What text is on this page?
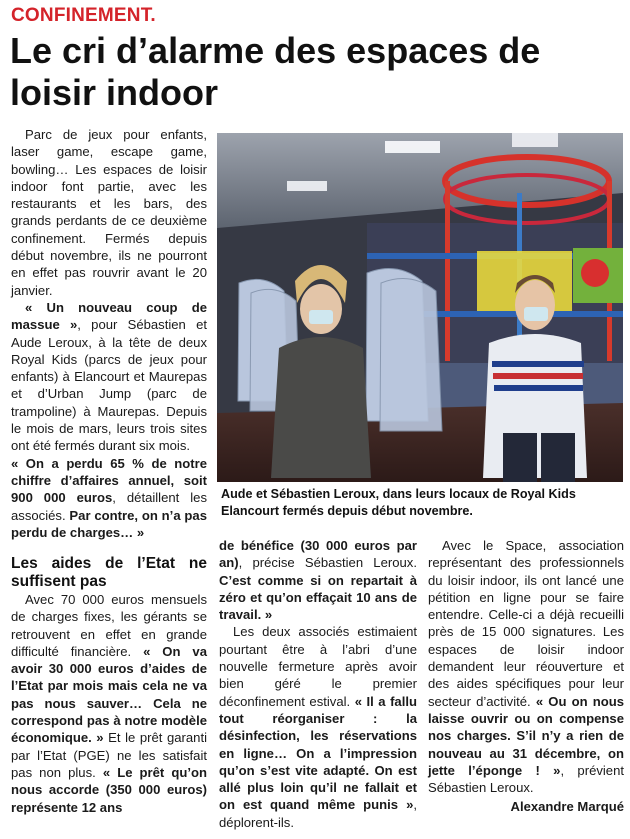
CONFINEMENT.
Le cri d’alarme des espaces de loisir indoor

Parc de jeux pour enfants, laser game, escape game, bowling… Les espaces de loisir indoor font partie, avec les restaurants et les bars, des grands perdants de ce deuxième confinement. Fermés depuis début novembre, ils ne pourront en effet pas rouvrir avant le 20 janvier.

« Un nouveau coup de massue », pour Sébastien et Aude Leroux, à la tête de deux Royal Kids (parcs de jeux pour enfants) à Elancourt et Maurepas et d’Urban Jump (parc de trampoline) à Maurepas. Depuis le mois de mars, leurs trois sites ont été fermés durant six mois.

« On a perdu 65 % de notre chiffre d’affaires annuel, soit 900 000 euros, détaillent les associés. Par contre, on n’a pas perdu de charges… »

Les aides de l’Etat ne suffisent pas

Avec 70 000 euros mensuels de charges fixes, les gérants se retrouvent en effet en grande difficulté financière. « On va avoir 30 000 euros d’aides de l’Etat par mois mais cela ne va pas nous sauver… Cela ne correspond pas à notre modèle économique. » Et le prêt garanti par l’Etat (PGE) ne les satisfait pas non plus. « Le prêt qu’on nous accorde (350 000 euros) représente 12 ans

Aude et Sébastien Leroux, dans leurs locaux de Royal Kids Elancourt fermés depuis début novembre.

de bénéfice (30 000 euros par an), précise Sébastien Leroux. C’est comme si on repartait à zéro et qu’on effaçait 10 ans de travail. »

Les deux associés estimaient pourtant être à l’abri d’une nouvelle fermeture après avoir bien géré le premier déconfinement estival. « Il a fallu tout réorganiser : la désinfection, les réservations en ligne… On a l’impression qu’on s’est vite adapté. On est allé plus loin qu’il ne fallait et on est quand même punis », déplorent-ils.

Avec le Space, association représentant des professionnels du loisir indoor, ils ont lancé une pétition en ligne pour se faire entendre. Celle-ci a déjà recueilli près de 15 000 signatures. Les espaces de loisir indoor demandent leur réouverture et des aides spécifiques pour leur secteur d’activité. « Ou on nous laisse ouvrir ou on compense nos charges. S’il n’y a rien de nouveau au 31 décembre, on jette l’éponge ! », prévient Sébastien Leroux.

Alexandre Marqué
